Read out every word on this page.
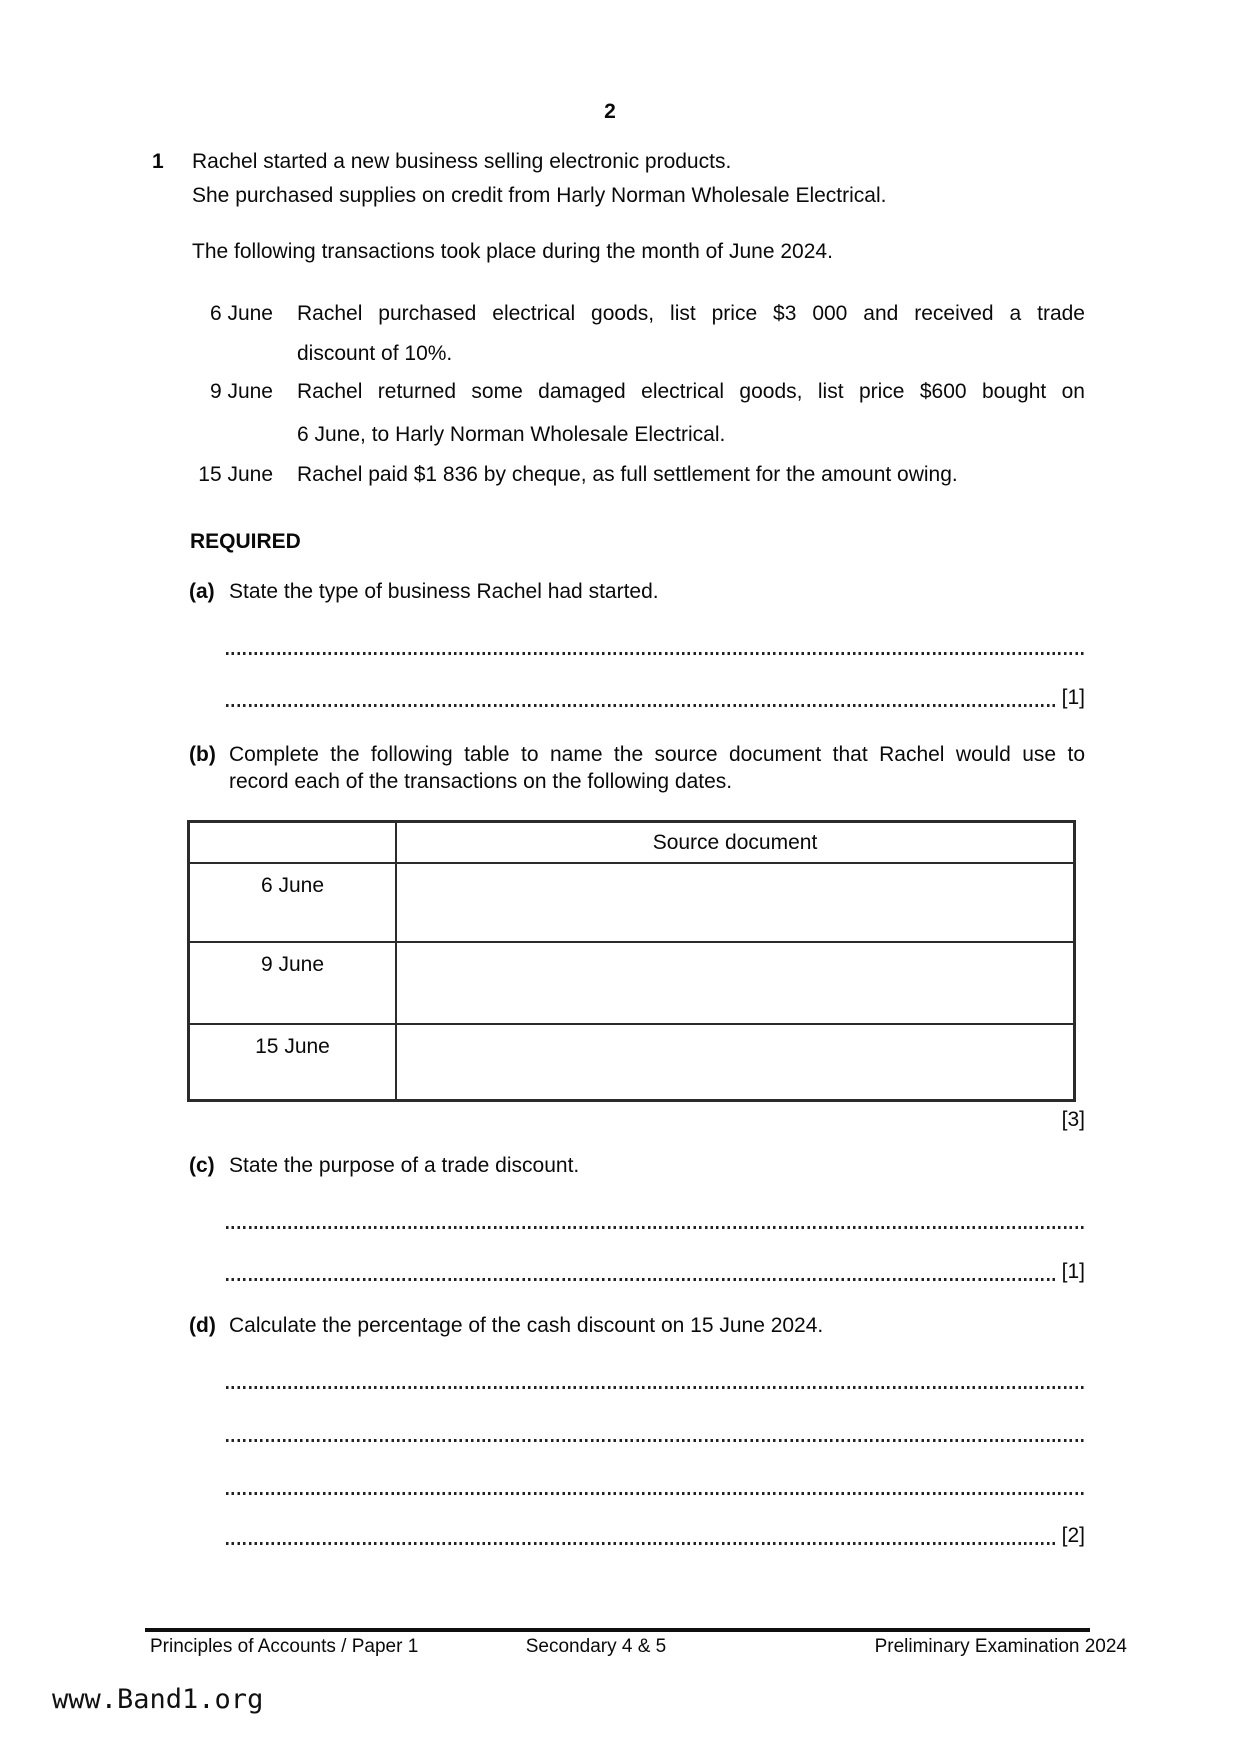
2
1 Rachel started a new business selling electronic products.
She purchased supplies on credit from Harly Norman Wholesale Electrical.
The following transactions took place during the month of June 2024.
6 June Rachel purchased electrical goods, list price $3 000 and received a trade
discount of 10%.
9 June Rachel returned some damaged electrical goods, list price $600 bought on
6 June, to Harly Norman Wholesale Electrical.
15 June Rachel paid $1 836 by cheque, as full settlement for the amount owing.
REQUIRED
(a) State the type of business Rachel had started.
[1]
(b) Complete the following table to name the source document that Rachel would use to
record each of the transactions on the following dates.
Source document
6 June
9 June
15 June
[3]
(c) State the purpose of a trade discount.
[1]
(d) Calculate the percentage of the cash discount on 15 June 2024.
[2]
Principles of Accounts / Paper 1	Secondary 4 & 5	Preliminary Examination 2024
www.Band1.org
